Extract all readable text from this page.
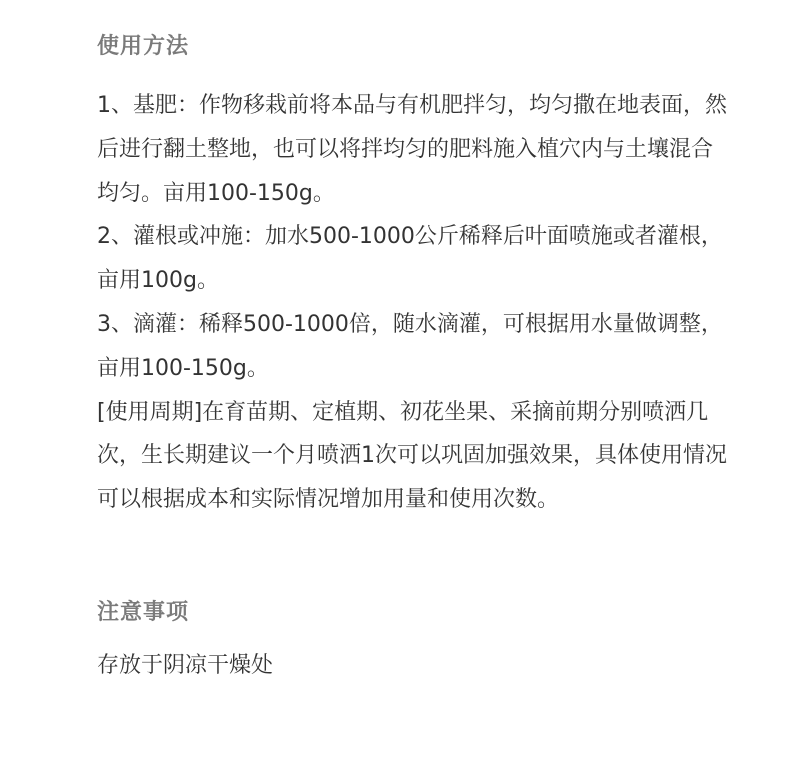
使用方法

1、基肥：作物移栽前将本品与有机肥拌匀，均匀撒在地表面，然后进行翻土整地，也可以将拌均匀的肥料施入植穴内与土壤混合均匀。亩用100-150g。

2、灌根或冲施：加水500-1000公斤稀释后叶面喷施或者灌根，亩用100g。

3、滴灌：稀释500-1000倍，随水滴灌，可根据用水量做调整，亩用100-150g。

[使用周期]在育苗期、定植期、初花坐果、采摘前期分别喷洒几次，生长期建议一个月喷洒1次可以巩固加强效果，具体使用情况可以根据成本和实际情况增加用量和使用次数。

注意事项

存放于阴凉干燥处
